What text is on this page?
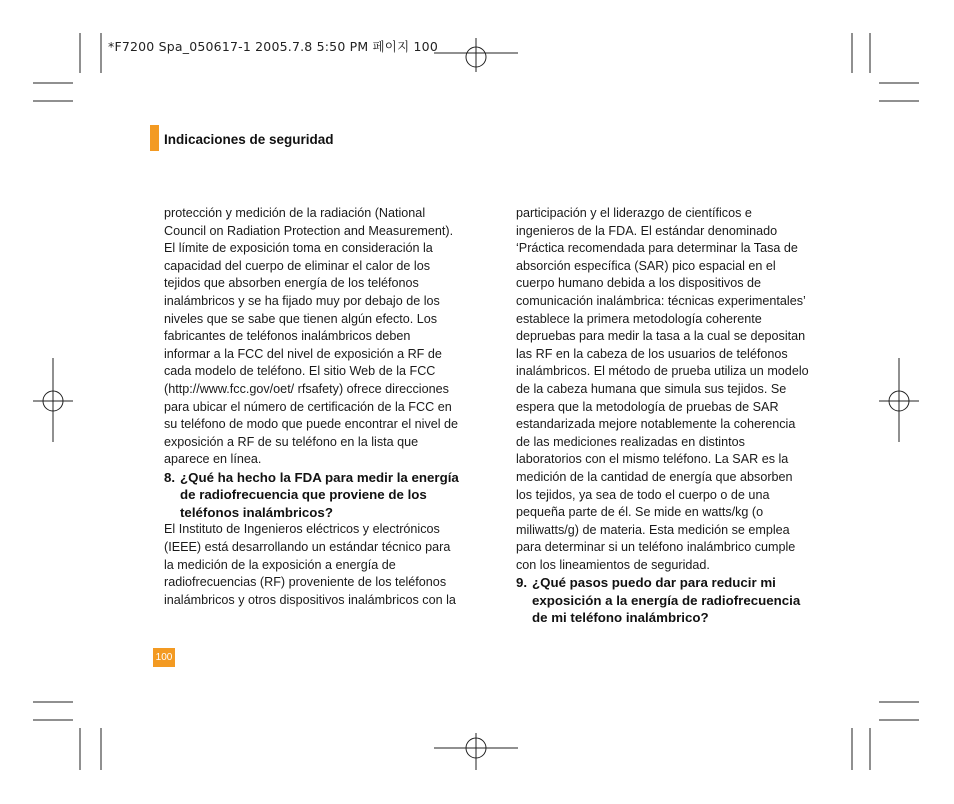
*F7200 Spa_050617-1 2005.7.8 5:50 PM 페이지 100
Indicaciones de seguridad

protección y medición de la radiación (National
Council on Radiation Protection and Measurement).
El límite de exposición toma en consideración la
capacidad del cuerpo de eliminar el calor de los
tejidos que absorben energía de los teléfonos
inalámbricos y se ha fijado muy por debajo de los
niveles que se sabe que tienen algún efecto. Los
fabricantes de teléfonos inalámbricos deben
informar a la FCC del nivel de exposición a RF de
cada modelo de teléfono. El sitio Web de la FCC
(http://www.fcc.gov/oet/ rfsafety) ofrece direcciones
para ubicar el número de certificación de la FCC en
su teléfono de modo que puede encontrar el nivel de
exposición a RF de su teléfono en la lista que
aparece en línea.

8. ¿Qué ha hecho la FDA para medir la energía
de radiofrecuencia que proviene de los
teléfonos inalámbricos?

El Instituto de Ingenieros eléctricos y electrónicos
(IEEE) está desarrollando un estándar técnico para
la medición de la exposición a energía de
radiofrecuencias (RF) proveniente de los teléfonos
inalámbricos y otros dispositivos inalámbricos con la

participación y el liderazgo de científicos e
ingenieros de la FDA. El estándar denominado
‘Práctica recomendada para determinar la Tasa de
absorción específica (SAR) pico espacial en el
cuerpo humano debida a los dispositivos de
comunicación inalámbrica: técnicas experimentales’
establece la primera metodología coherente
depruebas para medir la tasa a la cual se depositan
las RF en la cabeza de los usuarios de teléfonos
inalámbricos. El método de prueba utiliza un modelo
de la cabeza humana que simula sus tejidos. Se
espera que la metodología de pruebas de SAR
estandarizada mejore notablemente la coherencia
de las mediciones realizadas en distintos
laboratorios con el mismo teléfono. La SAR es la
medición de la cantidad de energía que absorben
los tejidos, ya sea de todo el cuerpo o de una
pequeña parte de él. Se mide en watts/kg (o
miliwatts/g) de materia. Esta medición se emplea
para determinar si un teléfono inalámbrico cumple
con los lineamientos de seguridad.

9. ¿Qué pasos puedo dar para reducir mi
exposición a la energía de radiofrecuencia
de mi teléfono inalámbrico?

100
